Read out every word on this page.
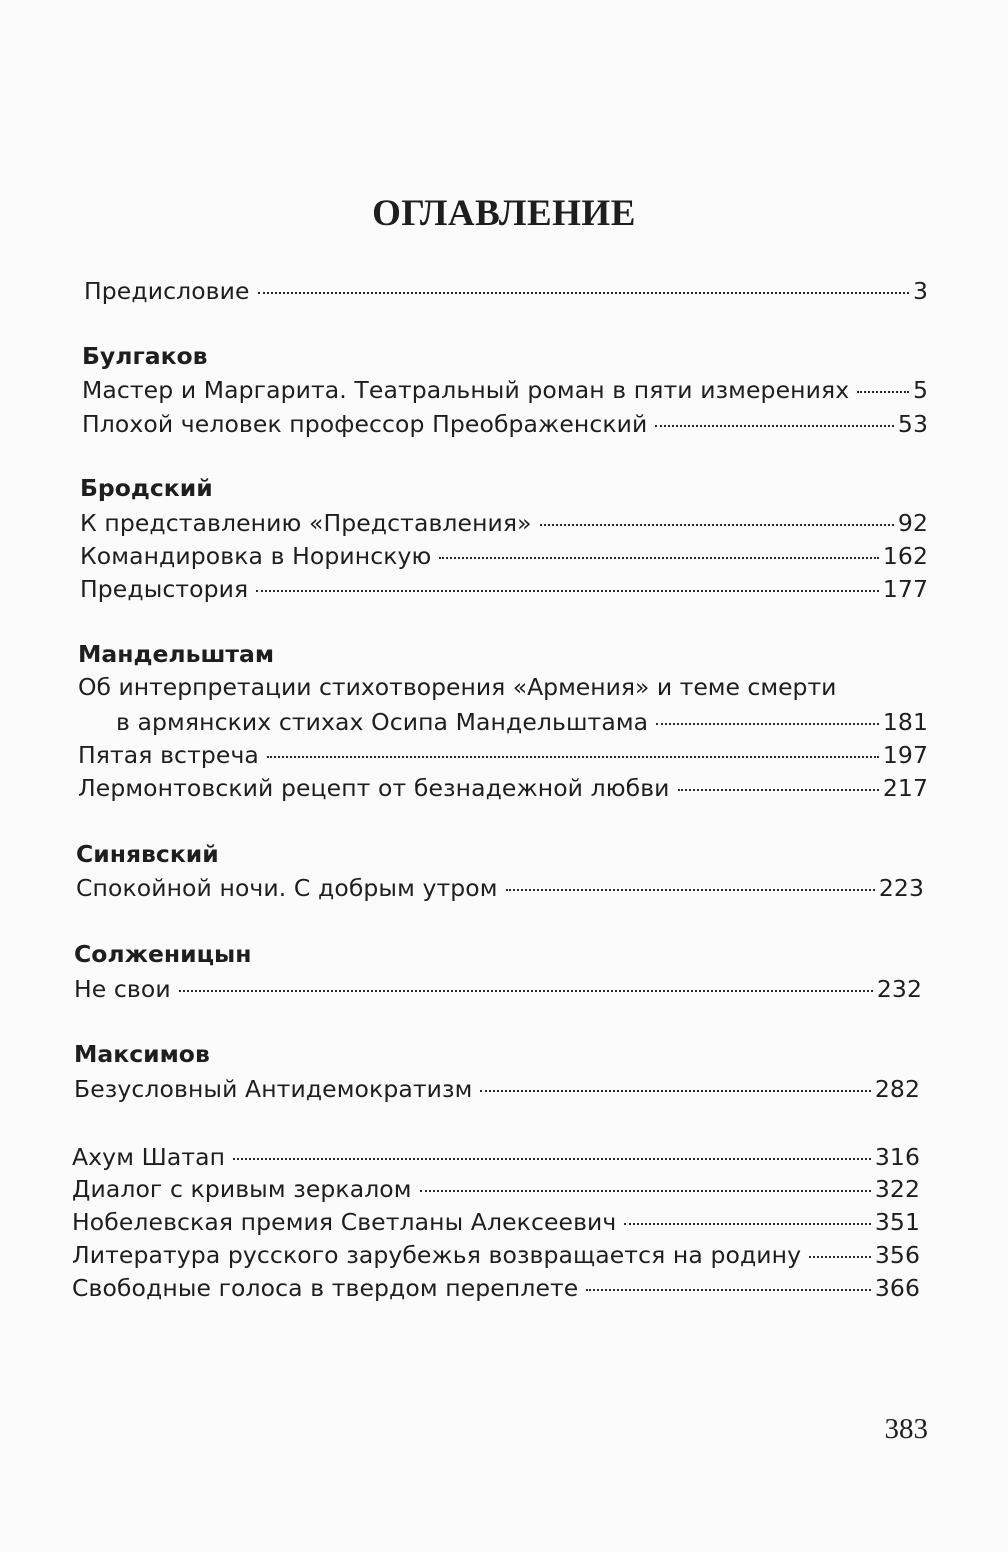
ОГЛАВЛЕНИЕ
Предисловие	3
Булгаков
Мастер и Маргарита. Театральный роман в пяти измерениях	5
Плохой человек профессор Преображенский	53
Бродский
К представлению «Представления»	92
Командировка в Норинскую	162
Предыстория	177
Мандельштам
Об интерпретации стихотворения «Армения» и теме смерти
в армянских стихах Осипа Мандельштама	181
Пятая встреча	197
Лермонтовский рецепт от безнадежной любви	217
Синявский
Спокойной ночи. С добрым утром	223
Солженицын
Не свои	232
Максимов
Безусловный Антидемократизм	282
Ахум Шатап	316
Диалог с кривым зеркалом	322
Нобелевская премия Светланы Алексеевич	351
Литература русского зарубежья возвращается на родину	356
Свободные голоса в твердом переплете	366
383
